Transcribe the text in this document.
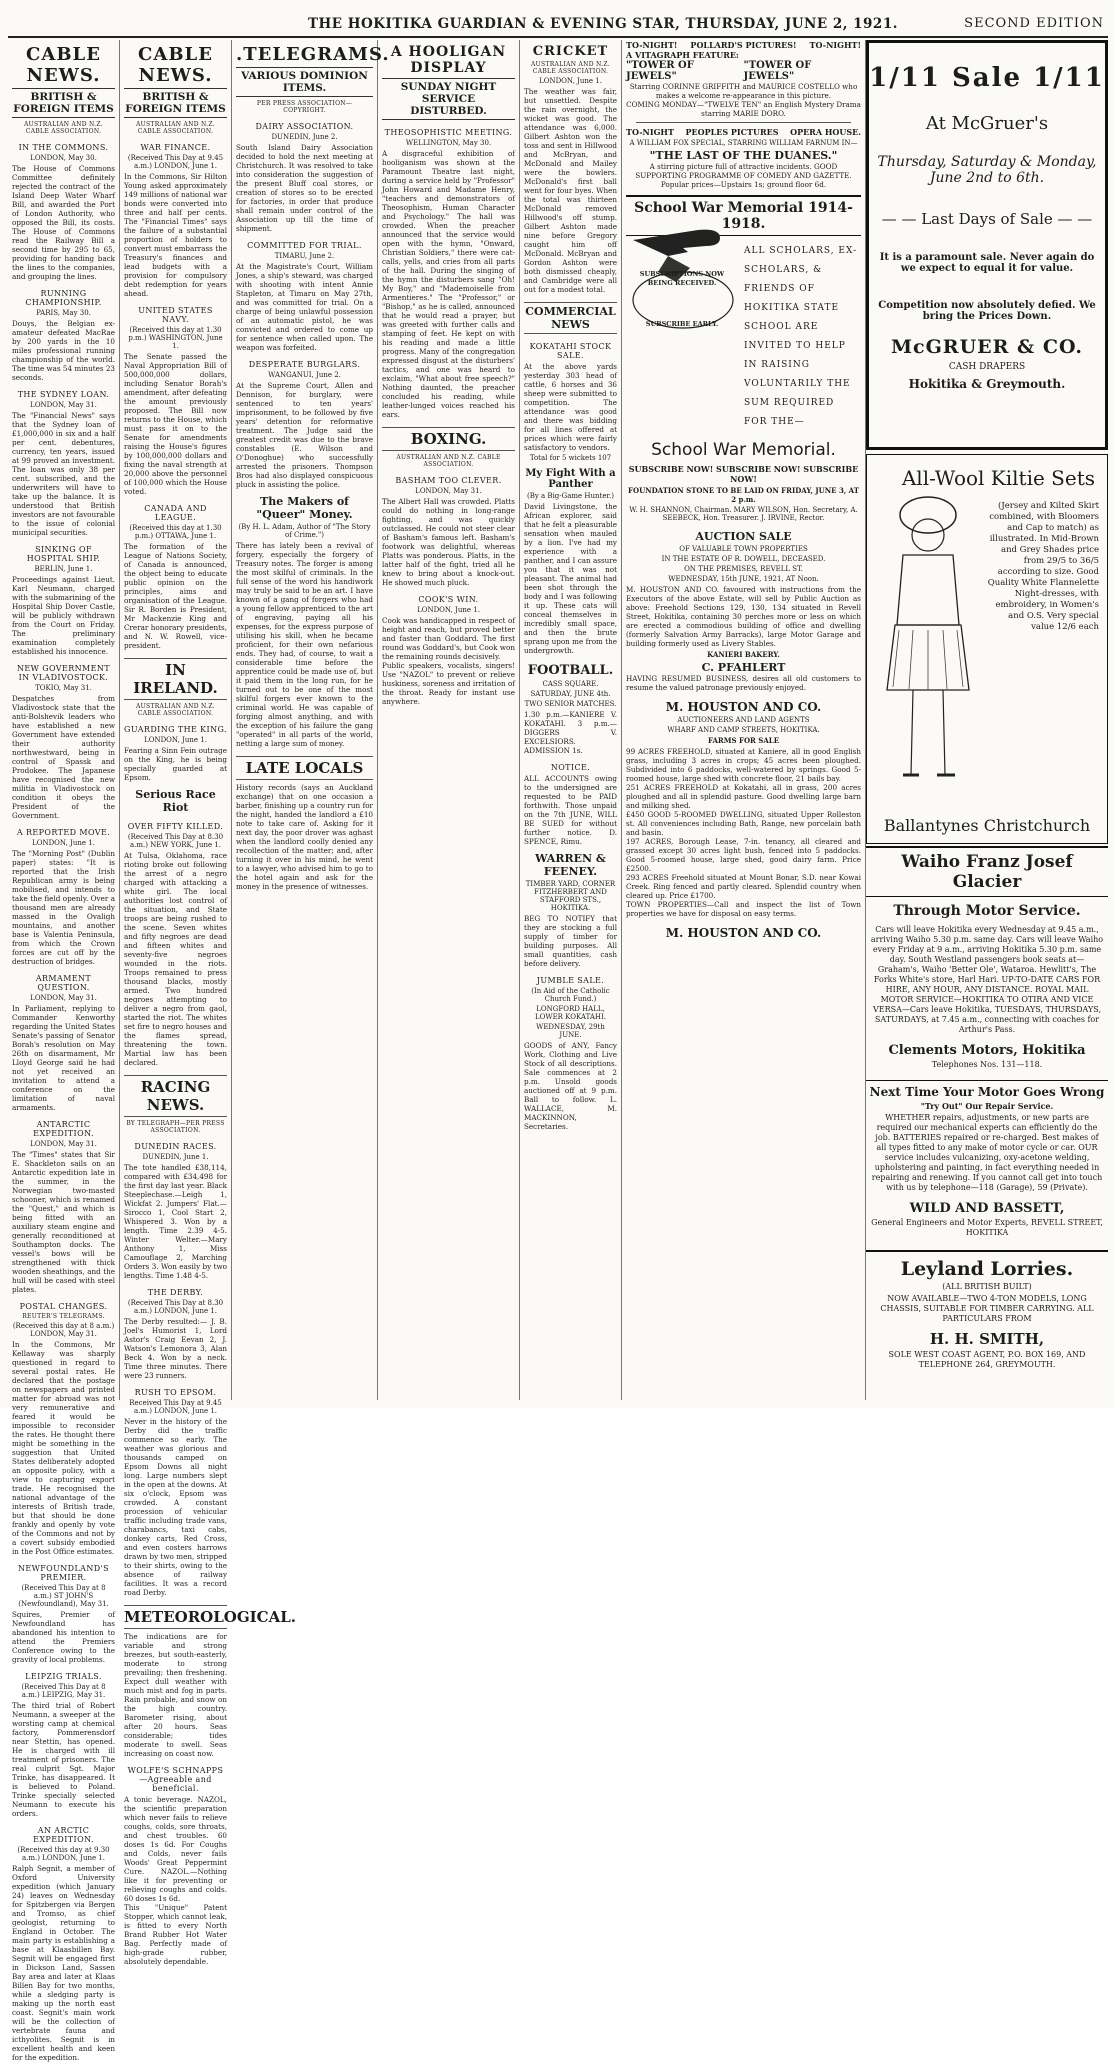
THE HOKITIKA GUARDIAN & EVENING STAR, THURSDAY, JUNE 2, 1921.	SECOND EDITION
CABLE NEWS.
BRITISH & FOREIGN ITEMS
AUSTRALIAN AND N.Z. CABLE ASSOCIATION.
IN THE COMMONS.
LONDON, May 30.

The House of Commons Committee definitely rejected the contract of the Island Deep Water Wharf Bill, and awarded the Port of London Authority, who opposed the Bill, its costs. The House of Commons read the Railway Bill a second time by 295 to 65, providing for handing back the lines to the companies, and grouping the lines.

RUNNING CHAMPIONSHIP.
PARIS, May 30.

Douys, the Belgian ex-amateur defeated MacRae by 200 yards in the 10 miles professional running championship of the world. The time was 54 minutes 23 seconds.

THE SYDNEY LOAN.
LONDON, May 31.

The "Financial News" says that the Sydney loan of £1,000,000 in six and a half per cent. debentures, currency, ten years, issued at 99 proved an investment. The loan was only 38 per cent. subscribed, and the underwriters will have to take up the balance. It is understood that British investors are not favourable to the issue of colonial municipal securities.

SINKING OF HOSPITAL SHIP.
BERLIN, June 1.

Proceedings against Lieut. Karl Neumann, charged with the submarining of the Hospital Ship Dover Castle, will be publicly withdrawn from the Court on Friday. The preliminary examination completely established his innocence.

NEW GOVERNMENT IN VLADIVOSTOCK.
TOKIO, May 31.

Despatches from Vladivostock state that the anti-Bolshevik leaders who have established a new Government have extended their authority northwestward, being in control of Spassk and Prodokee. The Japanese have recognised the new militia in Vladivostock on condition it obeys the President of the Government.

A REPORTED MOVE.
LONDON, June 1.

The "Morning Post" (Dublin paper) states: "It is reported that the Irish Republican army is being mobilised, and intends to take the field openly. Over a thousand men are already massed in the Ovaligh mountains, and another base is Valentia Peninsula, from which the Crown forces are cut off by the destruction of bridges.

ARMAMENT QUESTION.
LONDON, May 31.

In Parliament, replying to Commander Kenworthy regarding the United States Senate's passing of Senator Borah's resolution on May 26th on disarmament, Mr Lloyd George said he had not yet received an invitation to attend a conference on the limitation of naval armaments.

ANTARCTIC EXPEDITION.
LONDON, May 31.

The "Times" states that Sir E. Shackleton sails on an Antarctic expedition late in the summer, in the Norwegian two-masted schooner, which is renamed the "Quest," and which is being fitted with an auxiliary steam engine and generally reconditioned at Southampton docks. The vessel's bows will be strengthened with thick wooden sheathings, and the hull will be cased with steel plates.

POSTAL CHANGES.
REUTER'S TELEGRAMS.
(Received this day at 8 a.m.) LONDON, May 31.

In the Commons, Mr Kellaway was sharply questioned in regard to several postal rates. He declared that the postage on newspapers and printed matter for abroad was not very remunerative and feared it would be impossible to reconsider the rates. He thought there might be something in the suggestion that United States deliberately adopted an opposite policy, with a view to capturing export trade. He recognised the national advantage of the interests of British trade, but that should be done frankly and openly by vote of the Commons and not by a covert subsidy embodied in the Post Office estimates.

NEWFOUNDLAND'S PREMIER.
(Received This Day at 8 a.m.) ST JOHN'S (Newfoundland), May 31.

Squires, Premier of Newfoundland has abandoned his intention to attend the Premiers Conference owing to the gravity of local problems.

LEIPZIG TRIALS.
(Received This Day at 8 a.m.) LEIPZIG, May 31.

The third trial of Robert Neumann, a sweeper at the worsting camp at chemical factory, Pommerensdorf near Stettin, has opened. He is charged with ill treatment of prisoners. The real culprit Sgt. Major Trinke, has disappeared. It is believed to Poland. Trinke specially selected Neumann to execute his orders.

AN ARCTIC EXPEDITION.
(Received this day at 9.30 a.m.) LONDON, June 1.

Ralph Segnit, a member of Oxford University expedition (which January 24) leaves on Wednesday for Spitzbergen via Bergen and Tromso, as chief geologist, returning to England in October. The main party is establishing a base at Klaasbillen Bay. Segnit will be engaged first in Dickson Land, Sassen Bay area and later at Klaas Billen Bay for two months, while a sledging party is making up the north east coast. Segnit's main work will be the collection of vertebrate fauna and icthyolites. Segnit is in excellent health and keen for the expedition.

CABLE NEWS.
BRITISH & FOREIGN ITEMS
AUSTRALIAN AND N.Z. CABLE ASSOCIATION.
WAR FINANCE.
(Received This Day at 9.45 a.m.) LONDON, June 1.

In the Commons, Sir Hilton Young asked approximately 149 millions of national war bonds were converted into three and half per cents. The "Financial Times" says the failure of a substantial proportion of holders to convert must embarrass the Treasury's finances and lead budgets with a provision for compulsory debt redemption for years ahead.

UNITED STATES NAVY.
(Received this day at 1.30 p.m.) WASHINGTON, June 1.

The Senate passed the Naval Appropriation Bill of 500,000,000 dollars, including Senator Borah's amendment, after defeating the amount previously proposed. The Bill now returns to the House, which must pass it on to the Senate for amendments raising the House's figures by 100,000,000 dollars and fixing the naval strength at 20,000 above the personnel of 100,000 which the House voted.

CANADA AND LEAGUE.
(Received this day at 1.30 p.m.) OTTAWA, June 1.

The formation of the League of Nations Society, of Canada is announced, the object being to educate public opinion on the principles, aims and organisation of the League. Sir R. Borden is President, Mr Mackenzie King and Crerar honorary presidents, and N. W. Rowell, vice-president.

IN IRELAND.
AUSTRALIAN AND N.Z. CABLE ASSOCIATION.
GUARDING THE KING.
LONDON, June 1.

Fearing a Sinn Fein outrage on the King, he is being specially guarded at Epsom.

Serious Race Riot
OVER FIFTY KILLED.
(Received This Day at 8.30 a.m.) NEW YORK, June 1.

At Tulsa, Oklahoma, race rioting broke out following the arrest of a negro charged with attacking a white girl. The local authorities lost control of the situation, and State troops are being rushed to the scene. Seven whites and fifty negroes are dead and fifteen whites and seventy-five negroes wounded in the riots. Troops remained to press thousand blacks, mostly armed. Two hundred negroes attempting to deliver a negro from gaol, started the riot. The whites set fire to negro houses and the flames spread, threatening the town. Martial law has been declared.

RACING NEWS.
BY TELEGRAPH—PER PRESS ASSOCIATION.
DUNEDIN RACES.
DUNEDIN, June 1.

The tote handled £38,114, compared with £34,498 for the first day last year. Black Steeplechase.—Leigh 1, Wickfat 2. Jumpers' Flat.—Sirocco 1, Cool Start 2, Whispered 3. Won by a length. Time 2.39 4-5. Winter Welter.—Mary Anthony 1, Miss Camouflage 2, Marching Orders 3. Won easily by two lengths. Time 1.48 4-5.

THE DERBY.
(Received This Day at 8.30 a.m.) LONDON, June 1.

The Derby resulted:— J. B. Joel's Humorist 1, Lord Astor's Craig Eevan 2, J. Watson's Lemonora 3, Alan Beck 4. Won by a neck. Time three minutes. There were 23 runners.

RUSH TO EPSOM.
Received This Day at 9.45 a.m.) LONDON, June 1.

Never in the history of the Derby did the traffic commence so early. The weather was glorious and thousands camped on Epsom Downs all night long. Large numbers slept in the open at the downs. At six o'clock, Epsom was crowded. A constant procession of vehicular traffic including trade vans, charabancs, taxi cabs, donkey carts, Red Cross, and even costers harrows drawn by two men, stripped to their shirts, owing to the absence of railway facilities. It was a record road Derby.

METEOROLOGICAL.

The indications are for variable and strong breezes, but south-easterly, moderate to strong prevailing; then freshening. Expect dull weather with much mist and fog in parts. Rain probable, and snow on the high country. Barometer rising, about after 20 hours. Seas considerable; tides moderate to swell. Seas increasing on coast now.

WOLFE'S SCHNAPPS—Agreeable and beneficial.

A tonic beverage. NAZOL, the scientific preparation which never fails to relieve coughs, colds, sore throats, and chest troubles. 60 doses 1s 6d. For Coughs and Colds, never fails Woods' Great Peppermint Cure. NAZOL.—Nothing like it for preventing or relieving coughs and colds. 60 doses 1s 6d.

This "Unique" Patent Stopper, which cannot leak, is fitted to every North Brand Rubber Hot Water Bag. Perfectly made of high-grade rubber, absolutely dependable.

.TELEGRAMS.
VARIOUS DOMINION ITEMS.
PER PRESS ASSOCIATION—COPYRIGHT.
DAIRY ASSOCIATION.
DUNEDIN, June 2.

South Island Dairy Association decided to hold the next meeting at Christchurch. It was resolved to take into consideration the suggestion of the present Bluff coal stores, or creation of stores so to be erected for factories, in order that produce shall remain under control of the Association up till the time of shipment.

COMMITTED FOR TRIAL.
TIMARU, June 2.

At the Magistrate's Court, William Jones, a ship's steward, was charged with shooting with intent Annie Stapleton, at Timaru on May 27th, and was committed for trial. On a charge of being unlawful possession of an automatic pistol, he was convicted and ordered to come up for sentence when called upon. The weapon was forfeited.

DESPERATE BURGLARS.
WANGANUI, June 2.

At the Supreme Court, Allen and Dennison, for burglary, were sentenced to ten years' imprisonment, to be followed by five years' detention for reformative treatment. The Judge said the greatest credit was due to the brave constables (E. Wilson and O'Donoghue) who successfully arrested the prisoners. Thompson Bros had also displayed conspicuous pluck in assisting the police.

The Makers of "Queer" Money.
(By H. L. Adam, Author of "The Story of Crime.")

There has lately been a revival of forgery, especially the forgery of Treasury notes. The forger is among the most skilful of criminals. In the full sense of the word his handiwork may truly be said to be an art. I have known of a gang of forgers who had a young fellow apprenticed to the art of engraving, paying all his expenses, for the express purpose of utilising his skill, when he became proficient, for their own nefarious ends. They had, of course, to wait a considerable time before the apprentice could be made use of, but it paid them in the long run, for he turned out to be one of the most skilful forgers ever known to the criminal world. He was capable of forging almost anything, and with the exception of his failure the gang "operated" in all parts of the world, netting a large sum of money.

LATE LOCALS

History records (says an Auckland exchange) that on one occasion a barber, finishing up a country run for the night, handed the landlord a £10 note to take care of. Asking for it next day, the poor drover was aghast when the landlord coolly denied any recollection of the matter; and, after turning it over in his mind, he went to a lawyer, who advised him to go to the hotel again and ask for the money in the presence of witnesses.

A HOOLIGAN DISPLAY
SUNDAY NIGHT SERVICE DISTURBED.
THEOSOPHISTIC MEETING.
WELLINGTON, May 30.

A disgraceful exhibition of hooliganism was shown at the Paramount Theatre last night, during a service held by "Professor" John Howard and Madame Henry, "teachers and demonstrators of Theosophism, Human Character and Psychology." The hall was crowded. When the preacher announced that the service would open with the hymn, "Onward, Christian Soldiers," there were cat-calls, yells, and cries from all parts of the hall. During the singing of the hymn the disturbers sang "Oh! My Boy," and "Mademoiselle from Armentieres." The "Professor," or "Bishop," as he is called, announced that he would read a prayer, but was greeted with further calls and stamping of feet. He kept on with his reading and made a little progress. Many of the congregation expressed disgust at the disturbers' tactics, and one was heard to exclaim, "What about free speech?" Nothing daunted, the preacher concluded his reading, while leather-lunged voices reached his ears.

BOXING.
AUSTRALIAN AND N.Z. CABLE ASSOCIATION.
BASHAM TOO CLEVER.
LONDON, May 31.

The Albert Hall was crowded. Platts could do nothing in long-range fighting, and was quickly outclassed. He could not steer clear of Basham's famous left. Basham's footwork was delightful, whereas Platts was ponderous. Platts, in the latter half of the fight, tried all he knew to bring about a knock-out. He showed much pluck.

COOK'S WIN.
LONDON, June 1.

Cook was handicapped in respect of height and reach, but proved better and faster than Goddard. The first round was Goddard's, but Cook won the remaining rounds decisively.

Public speakers, vocalists, singers! Use "NAZOL" to prevent or relieve huskiness, soreness and irritation of the throat. Ready for instant use anywhere.

CRICKET
AUSTRALIAN AND N.Z. CABLE ASSOCIATION.
LONDON, June 1.

The weather was fair, but unsettled. Despite the rain overnight, the wicket was good. The attendance was 6,000. Gilbert Ashton won the toss and sent in Hillwood and McBryan, and McDonald and Mailey were the bowlers. McDonald's first ball went for four byes. When the total was thirteen McDonald removed Hillwood's off stump. Gilbert Ashton made nine before Gregory caught him off McDonald. McBryan and Gordon Ashton were both dismissed cheaply, and Cambridge were all out for a modest total.

COMMERCIAL NEWS
KOKATAHI STOCK SALE.

At the above yards yesterday 303 head of cattle, 6 horses and 36 sheep were submitted to competition. The attendance was good and there was bidding for all lines offered at prices which were fairly satisfactory to vendors.

Total for 5 wickets 107
My Fight With a Panther
(By a Big-Game Hunter.)

David Livingstone, the African explorer, said that he felt a pleasurable sensation when mauled by a lion. I've had my experience with a panther, and I can assure you that it was not pleasant. The animal had been shot through the body and I was following it up. These cats will conceal themselves in incredibly small space, and then the brute sprang upon me from the undergrowth.

FOOTBALL.
CASS SQUARE.
SATURDAY, JUNE 4th.
TWO SENIOR MATCHES.

1.30 p.m.—KANIERE V. KOKATAHI. 3 p.m.—DIGGERS V. EXCELSIORS. ADMISSION 1s.

NOTICE.

ALL ACCOUNTS owing to the undersigned are requested to be PAID forthwith. Those unpaid on the 7th JUNE, WILL BE SUED for without further notice. D. SPENCE, Rimu.

WARREN & FEENEY.
TIMBER YARD, CORNER FITZHERBERT AND STAFFORD STS., HOKITIKA.

BEG TO NOTIFY that they are stocking a full supply of timber for building purposes. All small quantities, cash before delivery.

JUMBLE SALE.
(In Aid of the Catholic Church Fund.)
LONGFORD HALL, LOWER KOKATAHI.
WEDNESDAY, 29th JUNE.

GOODS of ANY, Fancy Work, Clothing and Live Stock of all descriptions. Sale commences at 2 p.m. Unsold goods auctioned off at 9 p.m. Ball to follow. L. WALLACE, M. MACKINNON, Secretaries.

TO-NIGHT! POLLARD'S PICTURES! TO-NIGHT!
A VITAGRAPH FEATURE:
"TOWER OF JEWELS"
"TOWER OF JEWELS"

Starring CORINNE GRIFFITH and MAURICE COSTELLO who makes a welcome re-appearance in this picture.

COMING MONDAY—"TWELVE TEN" an English Mystery Drama starring MARIE DORO.

TO-NIGHT PEOPLES PICTURES OPERA HOUSE.
A WILLIAM FOX SPECIAL, STARRING WILLIAM FARNUM IN—
"THE LAST OF THE DUANES."

A stirring picture full of attractive incidents. GOOD SUPPORTING PROGRAMME OF COMEDY AND GAZETTE. Popular prices—Upstairs 1s; ground floor 6d.

School War Memorial 1914-1918.
SUBSCRIPTIONS NOW BEING RECEIVED.
SUBSCRIBE EARLY.
ALL SCHOLARS, EX-SCHOLARS, & FRIENDS OF HOKITIKA STATE SCHOOL ARE INVITED TO HELP IN RAISING VOLUNTARILY THE SUM REQUIRED FOR THE—
School War Memorial.
SUBSCRIBE NOW! SUBSCRIBE NOW! SUBSCRIBE NOW!
FOUNDATION STONE TO BE LAID ON FRIDAY, JUNE 3, AT 2 p.m.
W. H. SHANNON, Chairman. MARY WILSON, Hon. Secretary, A. SEEBECK, Hon. Treasurer. J. IRVINE, Rector.
AUCTION SALE
OF VALUABLE TOWN PROPERTIES
IN THE ESTATE OF R. DOWELL, DECEASED.
ON THE PREMISES, REVELL ST.
WEDNESDAY, 15th JUNE, 1921, AT Noon.

M. HOUSTON AND CO. favoured with instructions from the Executors of the above Estate, will sell by Public Auction as above: Freehold Sections 129, 130, 134 situated in Revell Street, Hokitika, containing 30 perches more or less on which are erected a commodious building of office and dwelling (formerly Salvation Army Barracks), large Motor Garage and building formerly used as Livery Stables.

KANIERI BAKERY.
C. PFAHLERT

HAVING RESUMED BUSINESS, desires all old customers to resume the valued patronage previously enjoyed.

M. HOUSTON AND CO.
AUCTIONEERS AND LAND AGENTS
WHARF AND CAMP STREETS, HOKITIKA.
FARMS FOR SALE

99 ACRES FREEHOLD, situated at Kaniere, all in good English grass, including 3 acres in crops; 45 acres been ploughed. Subdivided into 6 paddocks, well-watered by springs. Good 5-roomed house, large shed with concrete floor, 21 bails bay.

251 ACRES FREEHOLD at Kokatahi, all in grass, 200 acres ploughed and all in splendid pasture. Good dwelling large barn and milking shed.

£450 GOOD 5-ROOMED DWELLING, situated Upper Rolleston st. All conveniences including Bath, Range, new porcelain bath and basin.

197 ACRES, Borough Lease, 7-in. tenancy, all cleared and grassed except 30 acres light bush, fenced into 5 paddocks. Good 5-roomed house, large shed, good dairy farm. Price £2500.

293 ACRES Freehold situated at Mount Bonar, S.D. near Kowai Creek. Ring fenced and partly cleared. Splendid country when cleared up. Price £1700.

TOWN PROPERTIES—Call and inspect the list of Town properties we have for disposal on easy terms.

M. HOUSTON AND CO.
1/11 Sale 1/11
At McGruer's
Thursday, Saturday & Monday, June 2nd to 6th.
— — Last Days of Sale — —
It is a paramount sale. Never again do we expect to equal it for value.
Competition now absolutely defied. We bring the Prices Down.
McGRUER & CO.
CASH DRAPERS
Hokitika & Greymouth.
All-Wool Kiltie Sets
(Jersey and Kilted Skirt combined, with Bloomers and Cap to match) as illustrated. In Mid-Brown and Grey Shades price from 29/5 to 36/5 according to size. Good Quality White Flannelette Night-dresses, with embroidery, in Women's and O.S. Very special value 12/6 each
Ballantynes Christchurch
Waiho Franz Josef Glacier
Through Motor Service.
Cars will leave Hokitika every Wednesday at 9.45 a.m., arriving Waiho 5.30 p.m. same day. Cars will leave Waiho every Friday at 9 a.m., arriving Hokitika 5.30 p.m. same day. South Westland passengers book seats at— Graham's, Waiho 'Better Ole', Wataroa. Hewlitt's, The Forks White's store, Harl Hari. UP-TO-DATE CARS FOR HIRE, ANY HOUR, ANY DISTANCE. ROYAL MAIL MOTOR SERVICE—HOKITIKA TO OTIRA AND VICE VERSA—Cars leave Hokitika, TUESDAYS, THURSDAYS, SATURDAYS, at 7.45 a.m., connecting with coaches for Arthur's Pass.
Clements Motors, Hokitika
Telephones Nos. 131—118.
Next Time Your Motor Goes Wrong
"Try Out" Our Repair Service.
WHETHER repairs, adjustments, or new parts are required our mechanical experts can efficiently do the job. BATTERIES repaired or re-charged. Best makes of all types fitted to any make of motor cycle or car. OUR service includes vulcanizing, oxy-acetone welding, upholstering and painting, in fact everything needed in repairing and renewing. If you cannot call get into touch with us by telephone—118 (Garage), 59 (Private).
WILD AND BASSETT,
General Engineers and Motor Experts, REVELL STREET, HOKITIKA
Leyland Lorries.
(ALL BRITISH BUILT)
NOW AVAILABLE—TWO 4-TON MODELS, LONG CHASSIS, SUITABLE FOR TIMBER CARRYING. ALL PARTICULARS FROM
H. H. SMITH,
SOLE WEST COAST AGENT, P.O. BOX 169, AND TELEPHONE 264, GREYMOUTH.
